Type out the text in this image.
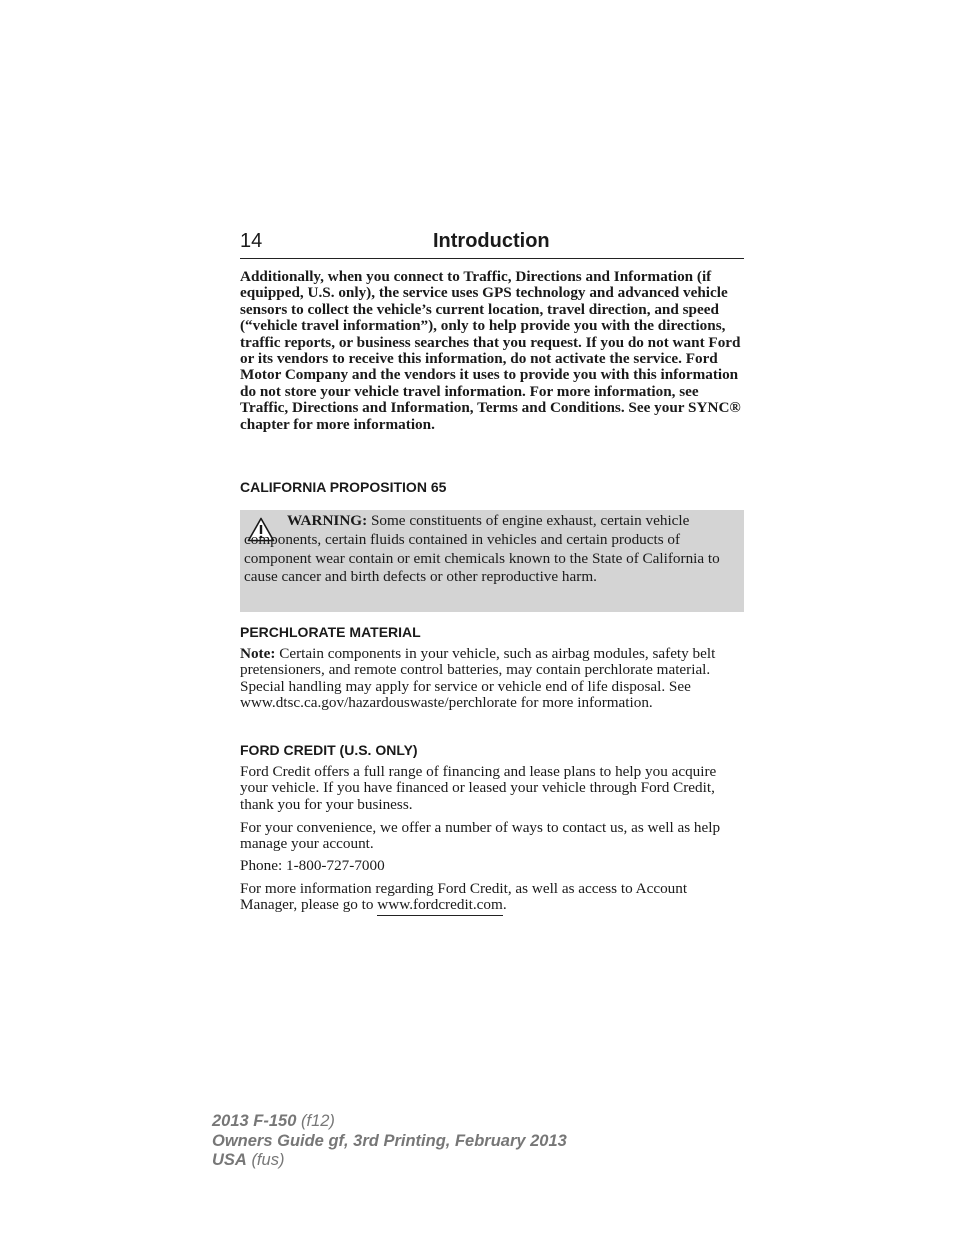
14	Introduction

Additionally, when you connect to Traffic, Directions and Information (if equipped, U.S. only), the service uses GPS technology and advanced vehicle sensors to collect the vehicle’s current location, travel direction, and speed (“vehicle travel information”), only to help provide you with the directions, traffic reports, or business searches that you request. If you do not want Ford or its vendors to receive this information, do not activate the service. Ford Motor Company and the vendors it uses to provide you with this information do not store your vehicle travel information. For more information, see Traffic, Directions and Information, Terms and Conditions. See your SYNC® chapter for more information.

CALIFORNIA PROPOSITION 65

WARNING: Some constituents of engine exhaust, certain vehicle components, certain fluids contained in vehicles and certain products of component wear contain or emit chemicals known to the State of California to cause cancer and birth defects or other reproductive harm.

PERCHLORATE MATERIAL

Note: Certain components in your vehicle, such as airbag modules, safety belt pretensioners, and remote control batteries, may contain perchlorate material. Special handling may apply for service or vehicle end of life disposal. See www.dtsc.ca.gov/hazardouswaste/perchlorate for more information.

FORD CREDIT (U.S. ONLY)

Ford Credit offers a full range of financing and lease plans to help you acquire your vehicle. If you have financed or leased your vehicle through Ford Credit, thank you for your business.

For your convenience, we offer a number of ways to contact us, as well as help manage your account.

Phone: 1-800-727-7000

For more information regarding Ford Credit, as well as access to Account Manager, please go to www.fordcredit.com.

2013 F-150 (f12)
Owners Guide gf, 3rd Printing, February 2013
USA (fus)
